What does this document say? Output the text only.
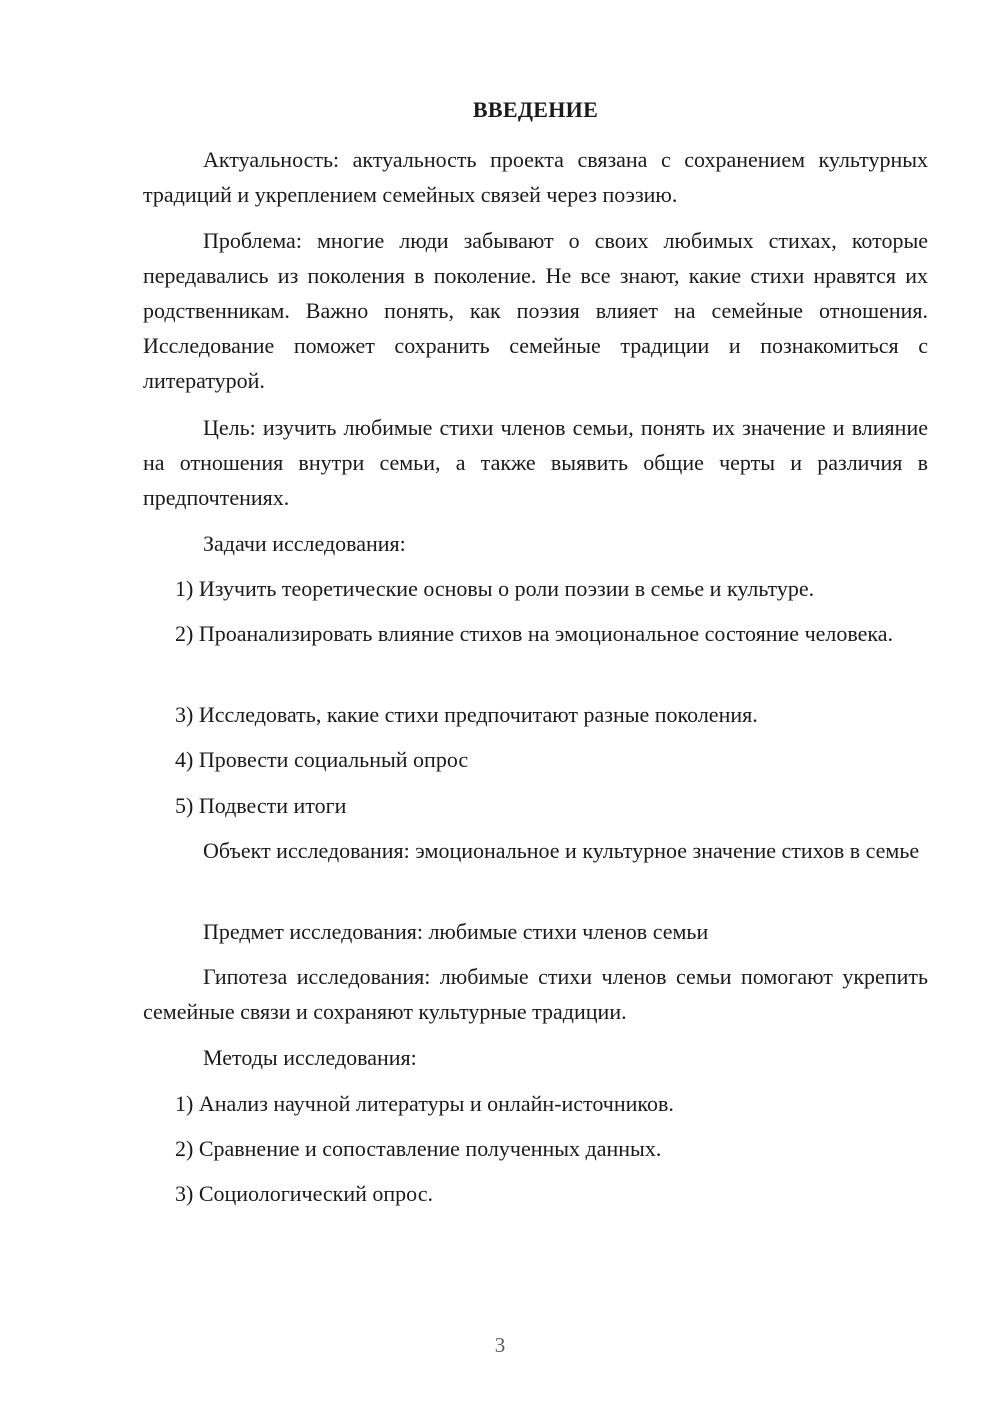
ВВЕДЕНИЕ

Актуальность: актуальность проекта связана с сохранением культурных традиций и укреплением семейных связей через поэзию.

Проблема: многие люди забывают о своих любимых стихах, которые передавались из поколения в поколение. Не все знают, какие стихи нравятся их родственникам. Важно понять, как поэзия влияет на семейные отношения. Исследование поможет сохранить семейные традиции и познакомиться с литературой.

Цель: изучить любимые стихи членов семьи, понять их значение и влияние на отношения внутри семьи, а также выявить общие черты и различия в предпочтениях.

Задачи исследования:

1) Изучить теоретические основы о роли поэзии в семье и культуре.

2) Проанализировать влияние стихов на эмоциональное состояние человека.

3) Исследовать, какие стихи предпочитают разные поколения.

4) Провести социальный опрос

5) Подвести итоги

Объект исследования: эмоциональное и культурное значение стихов в семье

Предмет исследования: любимые стихи членов семьи

Гипотеза исследования: любимые стихи членов семьи помогают укрепить семейные связи и сохраняют культурные традиции.

Методы исследования:

1) Анализ научной литературы и онлайн-источников.

2) Сравнение и сопоставление полученных данных.

3) Социологический опрос.

3
